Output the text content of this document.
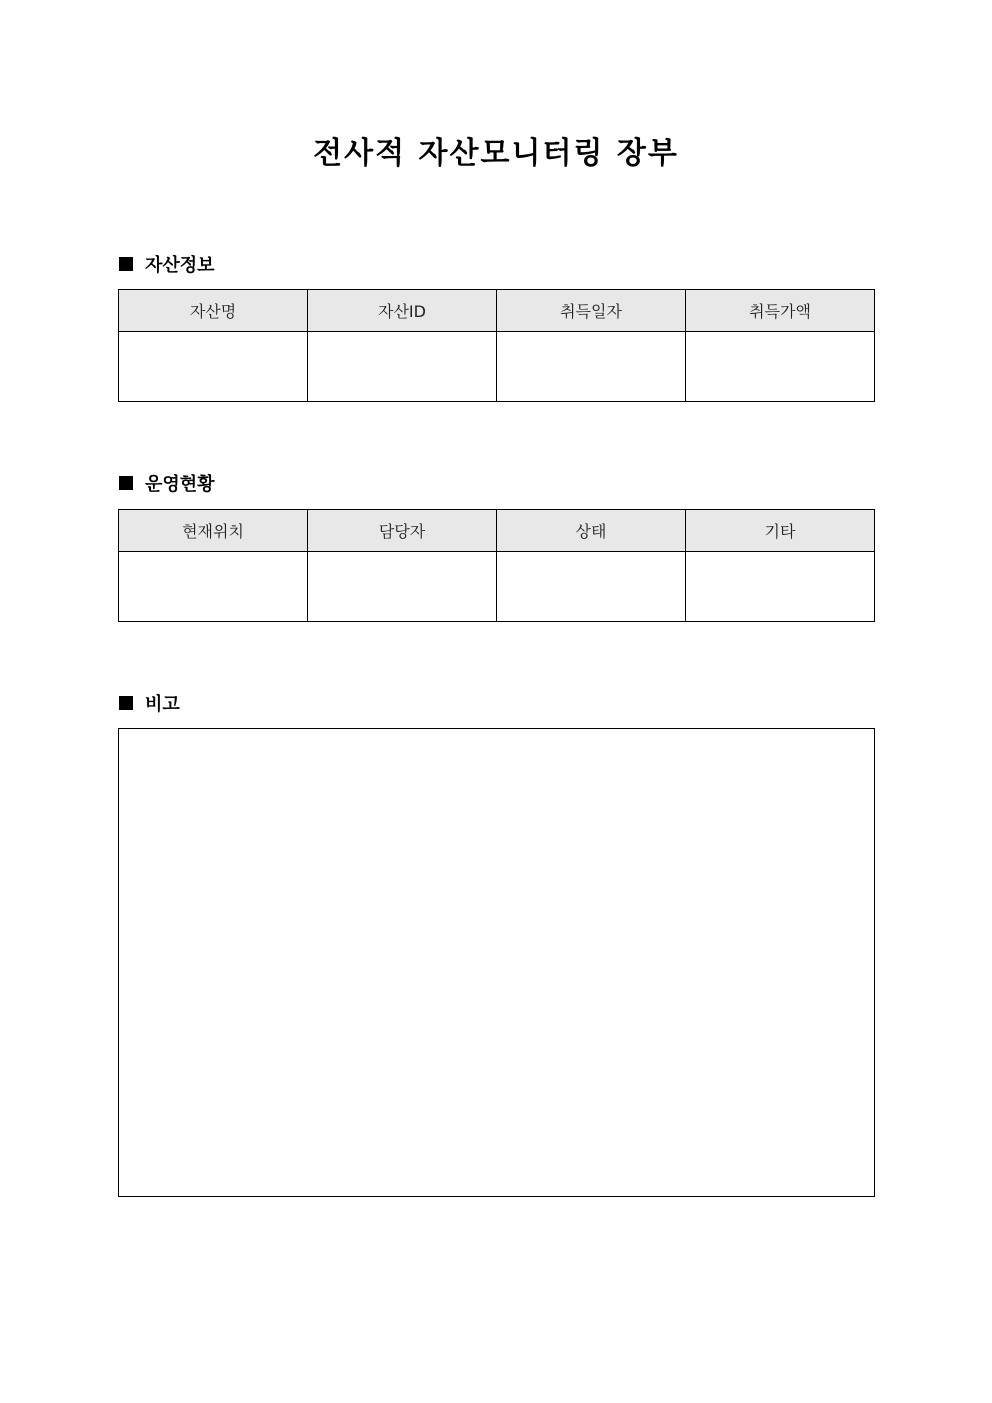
전사적 자산모니터링 장부
자산정보
자산명	자산ID	취득일자	취득가액

운영현황
현재위치	담당자	상태	기타

비고
